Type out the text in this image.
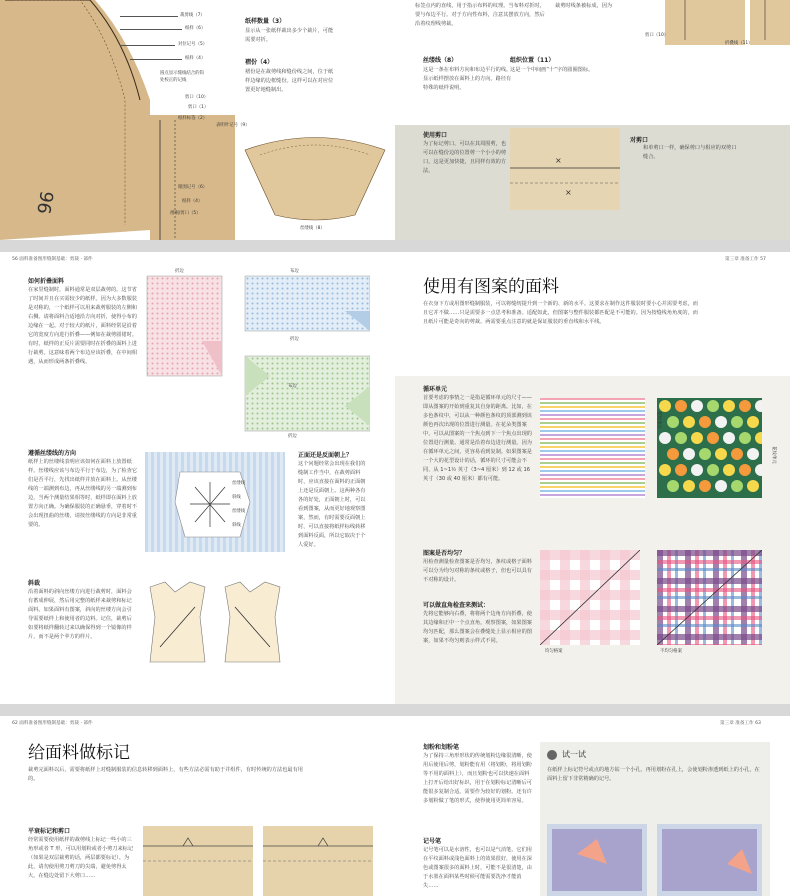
96
裁剪线（7）
纸样（6）
对位记号（5）
纸样（4）
圆点显示缝线结合的钩
处校正的记线
剪口（10）
剪口（1）
纸样标签（2）
表明叶记号（9）
眼围记号（6）
纸样（4）
褶裥/剪口（5）
纸样数量（3）
显示从一张纸样裁出多少个裁片，可能需要对折。
褶份（4）
褶份是在裁剪线和缝份线之间，位于纸样边缘的边框缝份。这样可以在对应位置更好地缝制出。
丝缕线（8）
标签点内的直线，用于指示布料的纹理。当布料对折时，要与布边平行。对于方向性布料，注意其摆放方向，然后沿着纹理线剪裁。
裁剪时线条被标成，因为
剪口（10）
折叠线（11）
丝缕线（8）
这是一条在布料方向和布边平行的线。显示纸样摆放在面料上的方向。路径有特殊的纸样说明。
组织位置（11）
这是一个中间画“十”字的圆圈图标。
使用剪口
为了标记剪口，可以在其周围剪，也可以在缝份边的位置剪一个小小的剪口，这是更加快捷，且同样有效的方法。
×
×
对剪口
和单剪口一样，确保剪口与相应的双剪口缝合。
56 面料准备图形缝制基础：剪裁 · 部件
如何折叠面料
在家里缝制时，面料通常是双层裁剪的。这节省了时间并且在买需较少的纸样。因为大多数服装是对称的，一个纸样可以用来裁剪服装的左侧和右侧。请将面料合适地沿方向对折，使得小布的边缘在一起。对于较大的纸片，面料经常是沿着它的宽度方向进行折叠——例如在裁剪圆裙时。有时，纸样的正反片需要同时在折叠的面料上进行裁剪。这意味着两个布边应该折叠，在中间相遇，从而形成两条折叠线。
折边	布边
折边
布边
折边
遵循丝缕线的方向
纸样上的丝缕线表明应该如何在面料上放置纸样。丝缕线应该与布边平行于布边，为了检查它们是否平行，先找出纸样并放在面料上。从丝缕线的一端测到布边，再从丝缕线的另一端测到布边，当两个测量结果相等时，纸样即在面料上放置方向正确。为确保服装的正确悬垂，穿着时不会出现扭曲的丝缕，请按丝缕线的方向是非常重要的。
丝缕线
斜线
丝缕线
斜线
正面还是反面朝上？
这个问题经常会出现在我们的缝制工作当中，在裁剪面料时，应该直接在面料的正面朝上还是反面朝上。这两种各有各的好处，正面朝上时，可以看到图案，从而更好地观察图案，然而，有时需要反面朝上时，可以直接将纸样标线转移到面料反面，所以它取决于个人爱好。
斜裁
沿着面料的斜向丝缕方向进行裁剪时，面料会有蓄成伸展，然后用完整的纸样来裁剪和标记面料。如果面料有图案，斜向的丝缕方向会引导需要纸样上和使用者的边料。记住，裁剪后如要将纸样翻转过来以确保得到一个镜像的样片，而不是两个苹方的样片。
第三章 准备工作 57
使用有图案的面料
在衣身下方或用图形缝制服装，可以将缝纫提升到一个新的、新的水平。这要求在制作这件服装时要小心并需要考虑，而且它并不做……只是需要多一点思考和准备。适配如此，但图案与整件服装都匹配是不可能的。因为按缝线角角度的，而且纸片可能是奇向的剪裁。两需要重点注意的就是保证服装的垂直线和水平线。
循环单元
首要考虑的事情之一是指是循环单元的尺寸——即从图案的开始到重复其自身的距离。比如，在多色条纹中，可以从一种颜色条纹的顶部测到该颜色再次出现的位置进行测量。在花朵类图案中，可以从图案的一个焦点到下一个焦点出现的位置进行测量。通常是沿着布边进行测量。因为在循环单元之间，更容易看到复制。如果图案是一个大的花型设计的话，循环的尺寸可能会不同，从 1~1½ 英寸（3~4 厘米）到 12 或 16 英寸（30 或 40 厘米）都有可能。
花纹单元
花纹单元
图案是否均匀？
用检查测量检查图案是否均匀，条纹或格子面料可以分为均匀对称的条纹或格子，但也可以具有不对称的设计。
可以做直角检查来测试：
先将它能够向右叠，将将两个边角方向折叠，使其边缘和正中一个点直角，观察图案，如果图案均匀匹配，那么图案会在叠缝处上显示相应的图案，如果不均匀则表示样式不同。
均匀格案	不均匀格案
62 面料准备图形缝制基础：剪裁 · 部件
给面料做标记
裁剪完面料以后，需要将纸样上对缝制服装的信息转移到面料上，有些方法必需有助于并组件，有时传统的方法也最有用的。
平衰标记和剪口
经常需要使用纸样的裁剪线上标记一些小的三角形或者 T 形，可以用划粉或者小剪刀来标记（如果是双层裁剪的话，两层都要标记）。为此，请勿使用剪刀剪刀的尖端，避免剪得太大，在缝边处留下大剪口……
第三章 准备工作 63
划粉和划粉笔
为了保持三角形形状的传统划粉边缘很清晰，使用后使用后剪，划粉能有用（将划粉，将用划粉等不用的面料上），而且划粉也可以快速在面料上打开后给出好标识，用于在划粉标记清晰后可能很多复制合适。需要作为较好的划粉。还有许多划粉做了笔的形式，使得使用更简单容易。
记号笔
记号笔可以是水溶性，也可以是气消笔，它们用在平纹面料或浅色面料上的效果很好，使用在深色或图案很多的面料上时，可能不是很清楚，由于水墨在面料某些时候可能需要洗净才能消失……
试一试
在纸样上标记符号或点的地方钻一个小孔，再用划粉在孔上，会使划粉渗透到纸上的小孔，在面料上留下非常精确的记号。
